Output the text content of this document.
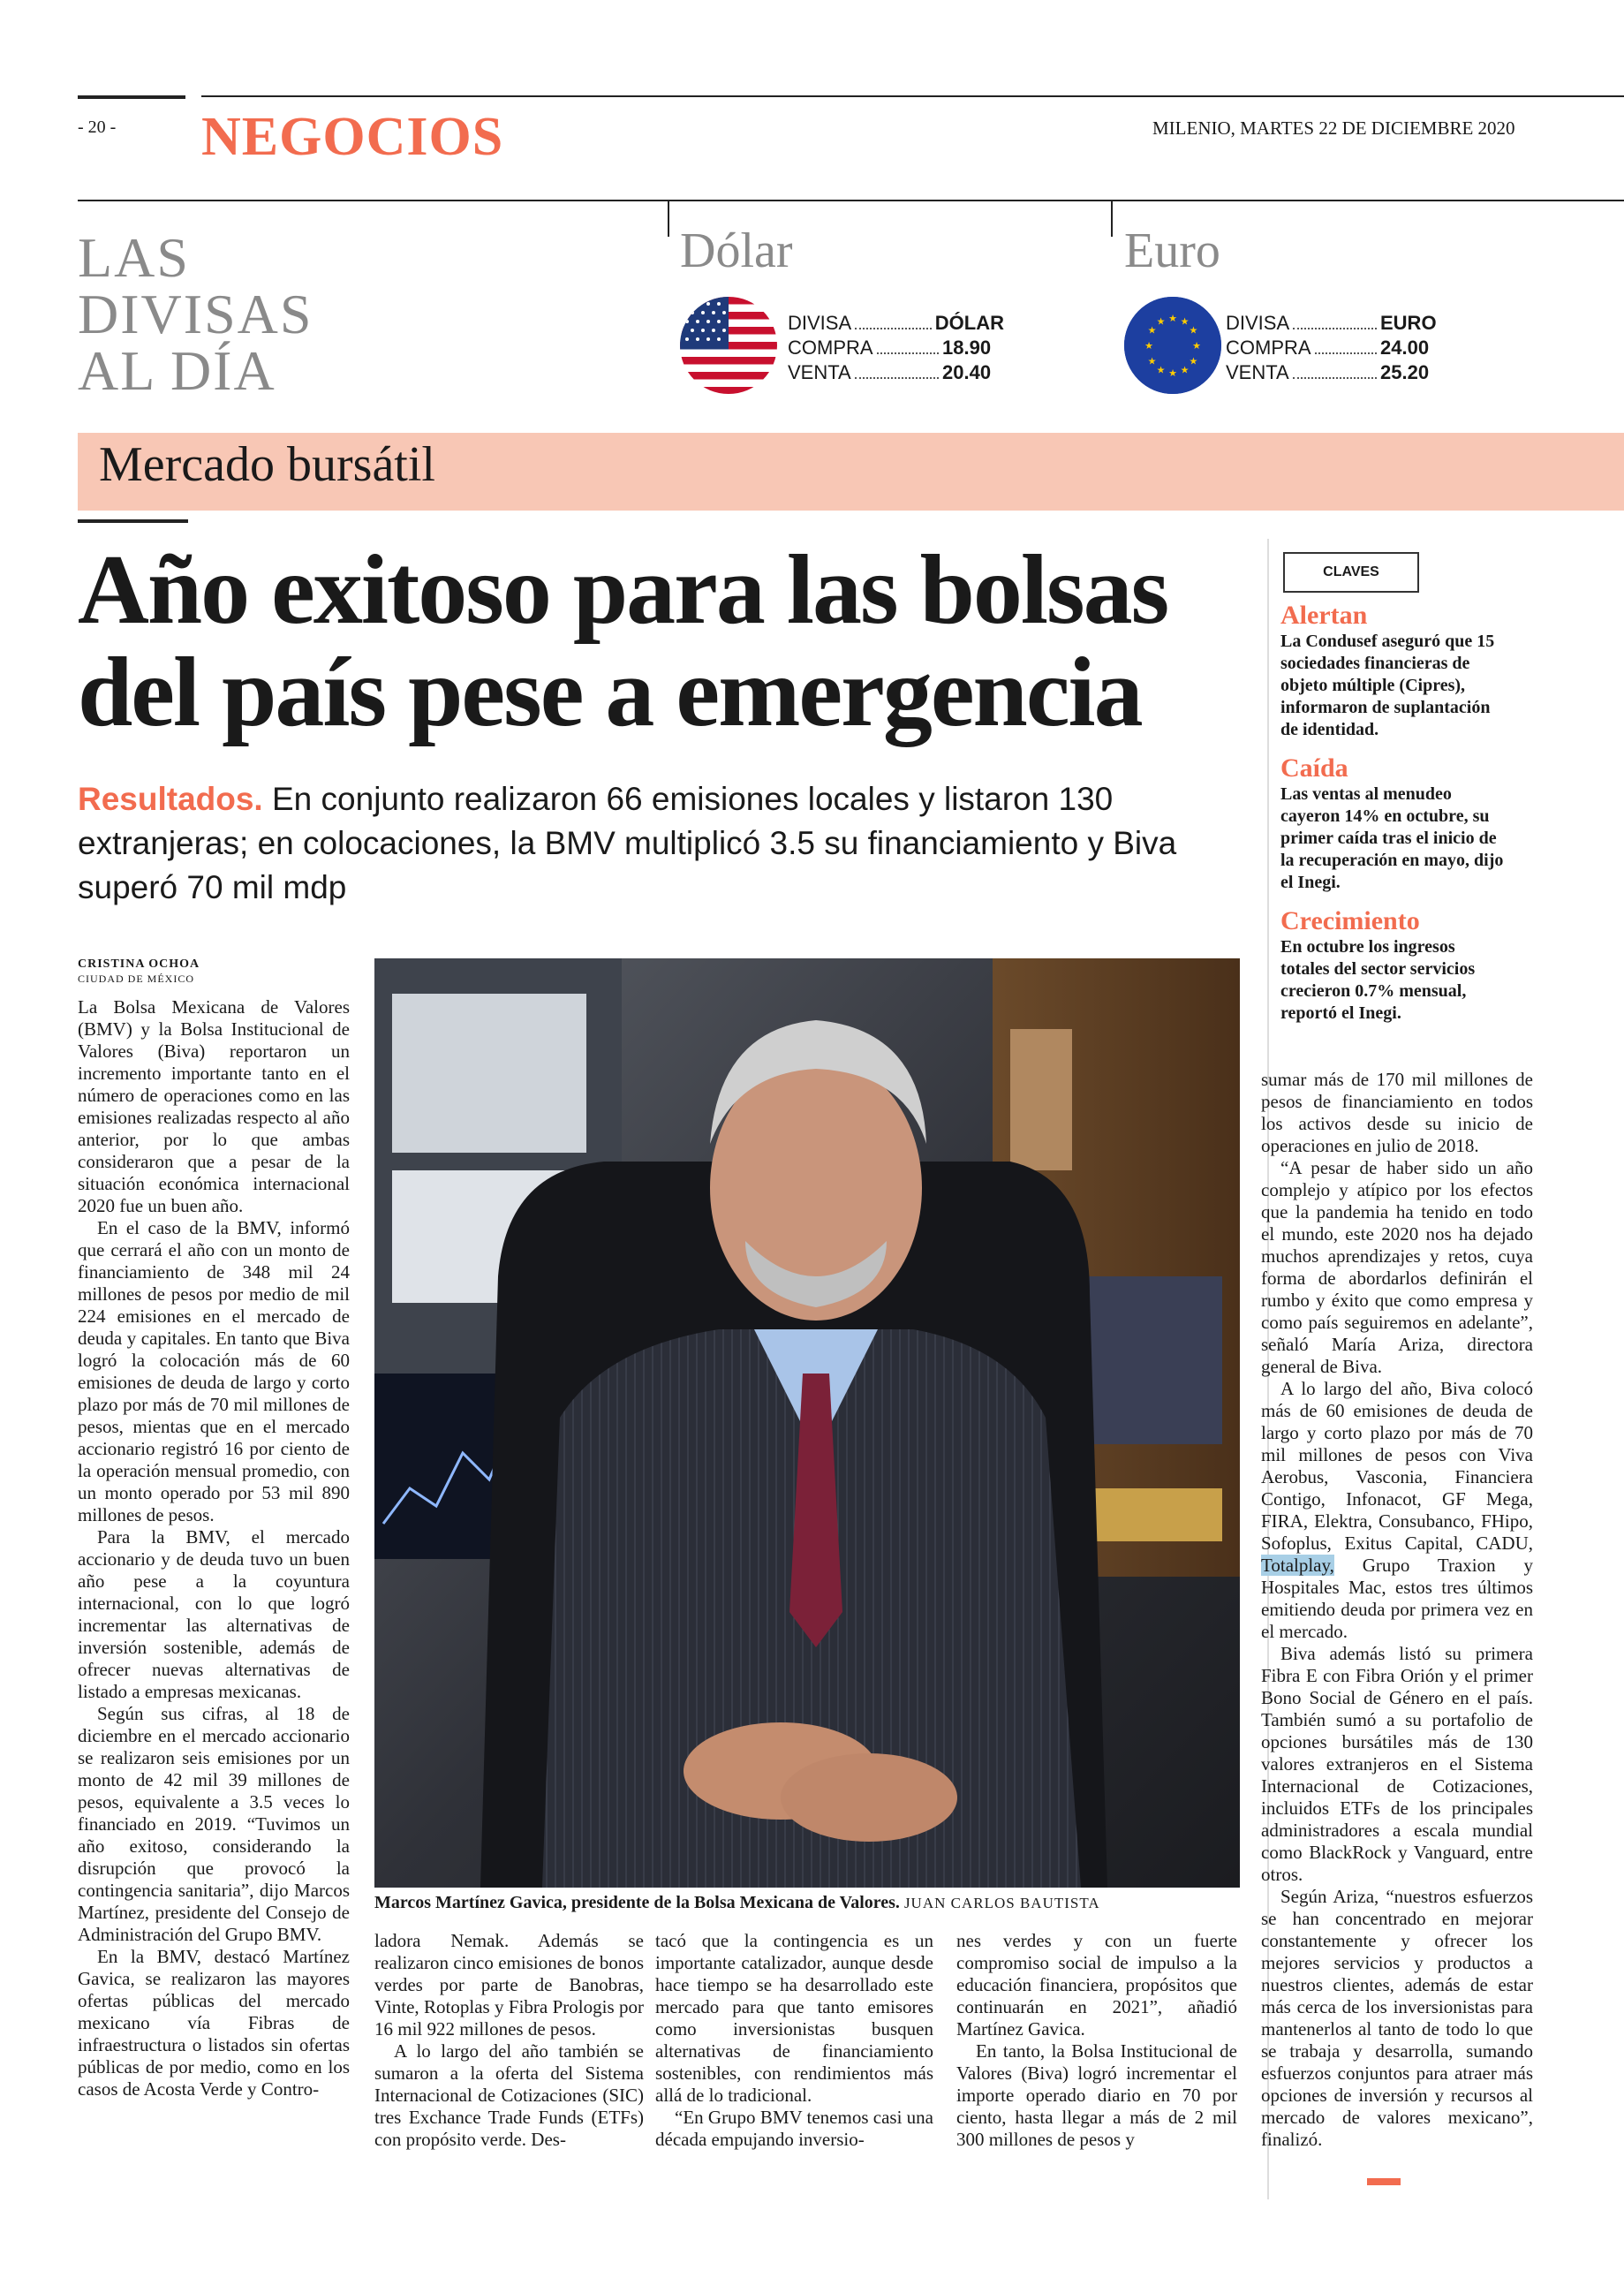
- 20 - NEGOCIOS	MILENIO, MARTES 22 DE DICIEMBRE 2020
LAS
DIVISAS
AL DÍA
Dólar
DIVISA	DÓLAR
COMPRA	18.90
VENTA	20.40
Euro
★ ★
★
★
★
★
★
★
★
★
★
★	DIVISA	EURO
COMPRA	24.00
VENTA	25.20
Mercado bursátil
Año exitoso para las bolsas
del país pese a emergencia
Resultados. En conjunto realizaron 66 emisiones locales y listaron 130 extranjeras; en colocaciones, la BMV multiplicó 3.5 su financiamiento y Biva superó 70 mil mdp
CLAVES
Alertan
La Condusef aseguró que 15 sociedades financieras de objeto múltiple (Cipres), informaron de suplantación de identidad.
Caída
Las ventas al menudeo cayeron 14% en octubre, su primer caída tras el inicio de la recuperación en mayo, dijo el Inegi.
Crecimiento
En octubre los ingresos totales del sector servicios crecieron 0.7% mensual, reportó el Inegi.
CRISTINA OCHOA
CIUDAD DE MÉXICO

La Bolsa Mexicana de Valores (BMV) y la Bolsa Institucional de Valores (Biva) reportaron un incremento importante tanto en el número de operaciones como en las emisiones realizadas respecto al año anterior, por lo que ambas consideraron que a pesar de la situación económica internacional 2020 fue un buen año.

En el caso de la BMV, informó que cerrará el año con un monto de financiamiento de 348 mil 24 millones de pesos por medio de mil 224 emisiones en el mercado de deuda y capitales. En tanto que Biva logró la colocación más de 60 emisiones de deuda de largo y corto plazo por más de 70 mil millones de pesos, mientas que en el mercado accionario registró 16 por ciento de la operación mensual promedio, con un monto operado por 53 mil 890 millones de pesos.

Para la BMV, el mercado accionario y de deuda tuvo un buen año pese a la coyuntura internacional, con lo que logró incrementar las alternativas de inversión sostenible, además de ofrecer nuevas alternativas de listado a empresas mexicanas.

Según sus cifras, al 18 de diciembre en el mercado accionario se realizaron seis emisiones por un monto de 42 mil 39 millones de pesos, equivalente a 3.5 veces lo financiado en 2019. “Tuvimos un año exitoso, considerando la disrupción que provocó la contingencia sanitaria”, dijo Marcos Martínez, presidente del Consejo de Administración del Grupo BMV.

En la BMV, destacó Martínez Gavica, se realizaron las mayores ofertas públicas del mercado mexicano vía Fibras de infraestructura o listados sin ofertas públicas de por medio, como en los casos de Acosta Verde y Contro-

Marcos Martínez Gavica, presidente de la Bolsa Mexicana de Valores. JUAN CARLOS BAUTISTA

ladora Nemak. Además se realizaron cinco emisiones de bonos verdes por parte de Banobras, Vinte, Rotoplas y Fibra Prologis por 16 mil 922 millones de pesos.

A lo largo del año también se sumaron a la oferta del Sistema Internacional de Cotizaciones (SIC) tres Exchance Trade Funds (ETFs) con propósito verde. Des-

tacó que la contingencia es un importante catalizador, aunque desde hace tiempo se ha desarrollado este mercado para que tanto emisores como inversionistas busquen alternativas de financiamiento sostenibles, con rendimientos más allá de lo tradicional.

“En Grupo BMV tenemos casi una década empujando inversio-

nes verdes y con un fuerte compromiso social de impulso a la educación financiera, propósitos que continuarán en 2021”, añadió Martínez Gavica.

En tanto, la Bolsa Institucional de Valores (Biva) logró incrementar el importe operado diario en 70 por ciento, hasta llegar a más de 2 mil 300 millones de pesos y

sumar más de 170 mil millones de pesos de financiamiento en todos los activos desde su inicio de operaciones en julio de 2018.

“A pesar de haber sido un año complejo y atípico por los efectos que la pandemia ha tenido en todo el mundo, este 2020 nos ha dejado muchos aprendizajes y retos, cuya forma de abordarlos definirán el rumbo y éxito que como empresa y como país seguiremos en adelante”, señaló María Ariza, directora general de Biva.

A lo largo del año, Biva colocó más de 60 emisiones de deuda de largo y corto plazo por más de 70 mil millones de pesos con Viva Aerobus, Vasconia, Financiera Contigo, Infonacot, GF Mega, FIRA, Elektra, Consubanco, FHipo, Sofoplus, Exitus Capital, CADU, Totalplay, Grupo Traxion y Hospitales Mac, estos tres últimos emitiendo deuda por primera vez en el mercado.

Biva además listó su primera Fibra E con Fibra Orión y el primer Bono Social de Género en el país. También sumó a su portafolio de opciones bursátiles más de 130 valores extranjeros en el Sistema Internacional de Cotizaciones, incluidos ETFs de los principales administradores a escala mundial como BlackRock y Vanguard, entre otros.

Según Ariza, “nuestros esfuerzos se han concentrado en mejorar constantemente y ofrecer los mejores servicios y productos a nuestros clientes, además de estar más cerca de los inversionistas para mantenerlos al tanto de todo lo que se trabaja y desarrolla, sumando esfuerzos conjuntos para atraer más opciones de inversión y recursos al mercado de valores mexicano”, finalizó.
